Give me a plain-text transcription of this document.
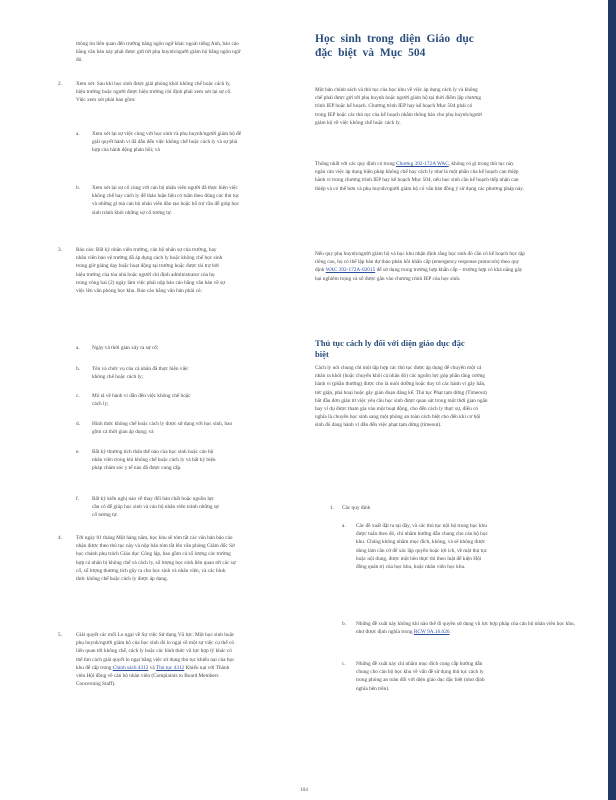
thông tin liên quan đến trường bằng ngôn ngữ khác ngoài tiếng Anh, báo cáo bằng văn bản này phải được gửi tới phụ huynh/người giám hộ bằng ngôn ngữ đó.

2.	Xem xét: Sau khi học sinh được giải phóng khỏi không chế hoặc cách ly, hiệu trưởng hoặc người được hiệu trưởng chỉ định phải xem xét lại sự cố. Việc xem xét phải bao gồm:

a.	Xem xét lại sự việc cùng với học sinh và phụ huynh/người giám hộ để giải quyết hành vi đã dẫn đến việc không chế hoặc cách ly và sự phù hợp của hành động phản hồi; và

b.	Xem xét lại sự cố cùng với cán bộ nhân viên người đã thực hiện việc không chế hay cách ly để thảo luận liệu có tuân theo đúng các thủ tục và những gì mà cán bộ nhân viên đào tạo hoặc hỗ trợ cần để giúp học sinh tránh khỏi những sự cố tương tự.

3.	Báo cáo: Bất kỳ nhân viên trường, cán bộ nhân sự của trường, hay nhân viên bảo vệ trường đã áp dụng cách ly hoặc không chế học sinh trong giờ giảng dạy hoặc hoạt động tại trường hoặc được tài trợ bởi hiệu trưởng của tòa nhà hoặc người chỉ định administrator của họ trong vòng hai (2) ngày làm việc phải nộp báo cáo bằng văn bản về sự việc lên văn phòng học khu. Báo cáo bằng văn bản phải có:

a.	Ngày và thời gian xảy ra sự cố;

b.	Tên và chức vụ của cá nhân đã thực hiện việc không chế hoặc cách ly;

c.	Mô tả về hành vi dẫn đến việc không chế hoặc cách ly;

d.	Hình thức không chế hoặc cách ly được sử dụng với học sinh, bao gồm cả thời gian áp dụng; và

e.	Bất kỳ thương tích thân thể nào của học sinh hoặc cán bộ nhân viên trong khi không chế hoặc cách ly và bất kỳ biện pháp chăm sóc y tế nào đã được cung cấp.

f.	Bất kỳ kiến nghị nào về thay đổi bản chất hoặc nguồn lực cần có để giúp học sinh và cán bộ nhân viên tránh những sự cố tương tự.

4.	Tới ngày 01 tháng Một hàng năm, học khu sẽ tóm tắt các văn bản báo cáo nhận được theo thủ tục này và nộp bản tóm tắt lên văn phòng Giám đốc Sở học chánh phụ trách Giáo dục Công lập, bao gồm cả số lượng các trường hợp cá nhân bị không chế và cách ly, số lượng học sinh liên quan tới các sự cố, số lượng thương tích gây ra cho học sinh và nhân viên, và các hình thức không chế hoặc cách ly được áp dụng.

5.	Giải quyết các mối Lo ngại về Sự việc Sử dụng Vũ lực: Một học sinh hoặc phụ huynh/người giám hộ của học sinh đó lo ngại về một sự việc cụ thể có liên quan tới không chế, cách ly hoặc các hình thức vũ lực hợp lý khác có thể tìm cách giải quyết lo ngại bằng việc sử dụng thủ tục khiếu nại của học khu để cấp trong Chính sách 4312 và Thủ tục 4312 Khiếu nại với Thành viên Hội đồng về cán bộ nhân viên (Complaints to Board Members Concerning Staff).

Học sinh trong diện Giáo dục đặc biệt và Mục 504

Một bản chính sách và thủ tục của học khu về việc áp dụng cách ly và không chế phải được gửi tới phụ huynh hoặc người giám hộ tại thời điểm lập chương trình IEP hoặc kế hoạch. Chương trình IEP hay kế hoạch Mục 504 phải có trong IEP hoặc các thủ tục của kế hoạch nhằm thông báo cho phụ huynh/người giám hộ về việc không chế hoặc cách ly.

Thống nhất với các quy định có trong Chương 392-172A WAC, không có gì trong thủ tục này ngăn cản việc áp dụng biện pháp không chế hay cách ly như là một phần của kế hoạch can thiệp hành vi trong chương trình IEP hay kế hoạch Mục 504, nếu học sinh cần kế hoạch tiếp nhận can thiệp và có thể hơn và phụ huynh/người giám hộ có văn bản đồng ý sử dụng các phương pháp này.

Nếu quy phụ huynh/người giám hộ và học khu nhận định rằng học sinh đó cần có kế hoạch học tập riêng cao, họ có thể lập bản dự thảo phản hồi khẩn cấp (emergency response protocols) theo quy định WAC 392-172A-02015 để sử dụng trong trường hợp khẩn cấp – trường hợp có khả năng gây hại nghiêm trọng và số được gắn vào chương trình IEP của học sinh.

Thủ tục cách ly đối với diện giáo dục đặc biệt

Cách ly nói chung chỉ một tập hợp các thủ tục được áp dụng để chuyển một cá nhân ra khỏi (hoặc chuyển khỏi cá nhân đó) các nguồn lực góp phần tăng cường hành vi (phần thưởng) được cho là nuôi dưỡng hoặc duy trì các hành vi gây hấn, tức giận, phá hoại hoặc gây gián đoạn đáng kể. Thủ tục Phạt tạm dừng (Timeout) bắt đầu đơn giản từ việc yêu cầu học sinh được quan sát trong một thời gian ngắn hay ví dụ được tham gia vào một hoạt động, cho đến cách ly thực sự, điều có nghĩa là chuyển học sinh sang một phòng an toàn cách biệt cho đến khi cơ hội sinh đó đang hành vi dẫn đến việc phạt tạm dừng (timeout).

1.	Các quy định
a.	Các đề xuất đặt ra tại đây, và các thủ tục nội bộ trong học khu được tuân theo đó, chỉ nhằm hướng dẫn chung cho cán bộ học khu. Chúng không nhằm mục đích, không, và sẽ không được dùng làm căn cứ để xác lập quyền hoặc lợi ích, về mặt thủ tục hoặc nội dung, được một bên thực thi theo luật để kiện Hội đồng quản trị của học khu, hoặc nhân viên học khu.

b.	Những đề xuất này không khi nào thế đi quyền sử dụng vũ lực hợp pháp của cán bộ nhân viên học khu, như được định nghĩa trong RCW 9A.16.020.

c.	Những đề xuất này chỉ nhằm mục đích cung cấp hướng dẫn chung cho cán bộ học khu về vấn đề sử dụng thủ tục cách ly trong phòng an toàn đối với diện giáo dục đặc biệt (như định nghĩa bên trên).

104
